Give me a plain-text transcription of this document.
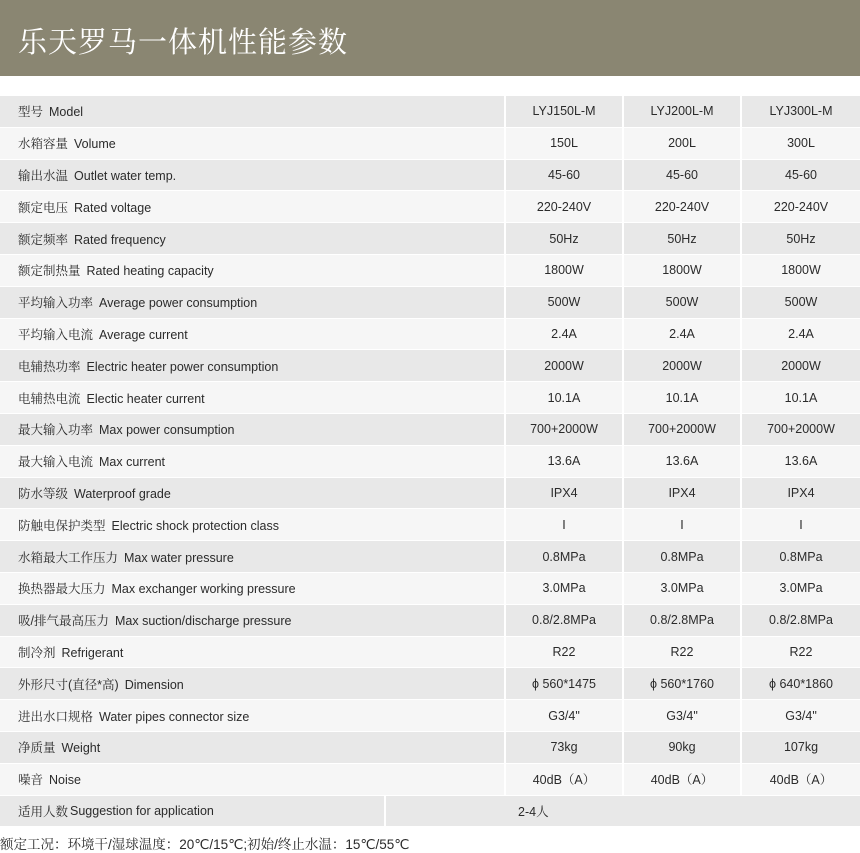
乐天罗马一体机性能参数
型号 Model	LYJ150L-M	LYJ200L-M	LYJ300L-M
水箱容量 Volume	150L	200L	300L
输出水温 Outlet water temp.	45-60	45-60	45-60
额定电压 Rated voltage	220-240V	220-240V	220-240V
额定频率 Rated frequency	50Hz	50Hz	50Hz
额定制热量 Rated heating capacity	1800W	1800W	1800W
平均输入功率 Average power consumption	500W	500W	500W
平均输入电流 Average current	2.4A	2.4A	2.4A
电辅热功率 Electric heater power consumption	2000W	2000W	2000W
电辅热电流 Electic heater current	10.1A	10.1A	10.1A
最大输入功率 Max power consumption	700+2000W	700+2000W	700+2000W
最大输入电流 Max current	13.6A	13.6A	13.6A
防水等级 Waterproof grade	IPX4	IPX4	IPX4
防触电保护类型 Electric shock protection class	I	I	I
水箱最大工作压力 Max water pressure	0.8MPa	0.8MPa	0.8MPa
换热器最大压力 Max exchanger working pressure	3.0MPa	3.0MPa	3.0MPa
吸/排气最高压力 Max suction/discharge pressure	0.8/2.8MPa	0.8/2.8MPa	0.8/2.8MPa
制冷剂 Refrigerant	R22	R22	R22
外形尺寸(直径*高) Dimension	ϕ 560*1475	ϕ 560*1760	ϕ 640*1860
进出水口规格 Water pipes connector size	G3/4"	G3/4"	G3/4"
净质量 Weight	73kg	90kg	107kg
噪音 Noise	40dB（A）	40dB（A）	40dB（A）

适用人数 Suggestion for application 2-4人			
额定工况：环境干/湿球温度：20℃/15℃;初始/终止水温：15℃/55℃
